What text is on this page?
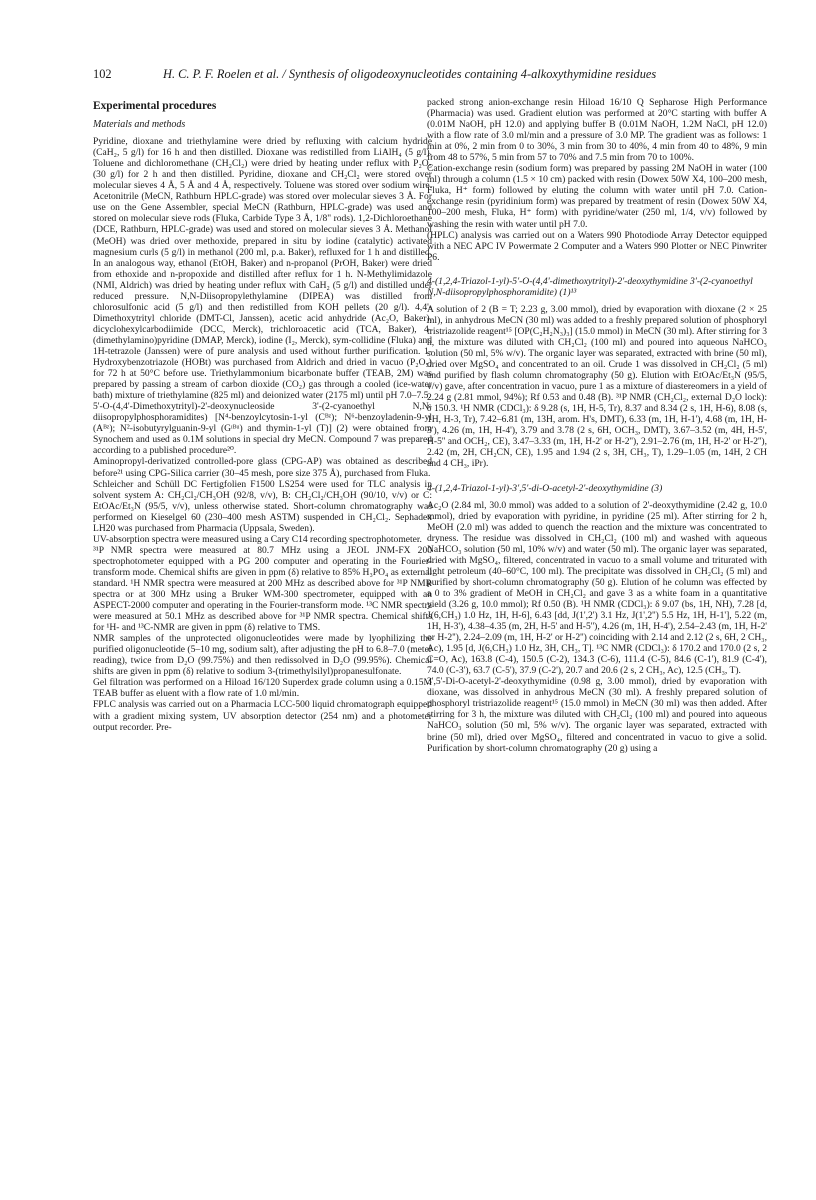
102	H. C. P. F. Roelen et al. / Synthesis of oligodeoxynucleotides containing 4-alkoxythymidine residues

Experimental procedures

Materials and methods

Pyridine, dioxane and triethylamine were dried by refluxing with calcium hydride (CaH₂, 5 g/l) for 16 h and then distilled. Dioxane was redistilled from LiAlH₄ (5 g/l). Toluene and dichloromethane (CH₂Cl₂) were dried by heating under reflux with P₂O₅ (30 g/l) for 2 h and then distilled. Pyridine, dioxane and CH₂Cl₂ were stored over molecular sieves 4 Å, 5 Å and 4 Å, respectively. Toluene was stored over sodium wire. Acetonitrile (MeCN, Rathburn HPLC-grade) was stored over molecular sieves 3 Å. For use on the Gene Assembler, special MeCN (Rathburn, HPLC-grade) was used and stored on molecular sieve rods (Fluka, Carbide Type 3 Å, 1/8" rods). 1,2-Dichloroethane (DCE, Rathburn, HPLC-grade) was used and stored on molecular sieves 3 Å. Methanol (MeOH) was dried over methoxide, prepared in situ by iodine (catalytic) activated magnesium curls (5 g/l) in methanol (200 ml, p.a. Baker), refluxed for 1 h and distilled. In an analogous way, ethanol (EtOH, Baker) and n-propanol (PrOH, Baker) were dried from ethoxide and n-propoxide and distilled after reflux for 1 h. N-Methylimidazole (NMI, Aldrich) was dried by heating under reflux with CaH₂ (5 g/l) and distilled under reduced pressure. N,N-Diisopropylethylamine (DIPEA) was distilled from chlorosulfonic acid (5 g/l) and then redistilled from KOH pellets (20 g/l). 4,4'-Dimethoxytrityl chloride (DMT-Cl, Janssen), acetic acid anhydride (Ac₂O, Baker), dicyclohexylcarbodiimide (DCC, Merck), trichloroacetic acid (TCA, Baker), 4-(dimethylamino)pyridine (DMAP, Merck), iodine (I₂, Merck), sym-collidine (Fluka) and 1H-tetrazole (Janssen) were of pure analysis and used without further purification. 1-Hydroxybenzotriazole (HOBt) was purchased from Aldrich and dried in vacuo (P₂O₅) for 72 h at 50°C before use. Triethylammonium bicarbonate buffer (TEAB, 2M) was prepared by passing a stream of carbon dioxide (CO₂) gas through a cooled (ice-water bath) mixture of triethylamine (825 ml) and deionized water (2175 ml) until pH 7.0–7.5.

5'-O-(4,4'-Dimethoxytrityl)-2'-deoxynucleoside 3'-(2-cyanoethyl N,N-diisopropylphosphoramidites) [N⁴-benzoylcytosin-1-yl (Cᴮᶻ); N⁶-benzoyladenin-9-yl (Aᴮᶻ); N²-isobutyrylguanin-9-yl (Gᶦᴮᵘ) and thymin-1-yl (T)] (2) were obtained from Synochem and used as 0.1M solutions in special dry MeCN. Compound 7 was prepared according to a published procedure²⁰.

Aminopropyl-derivatized controlled-pore glass (CPG-AP) was obtained as described before²¹ using CPG-Silica carrier (30–45 mesh, pore size 375 Å), purchased from Fluka.

Schleicher and Schüll DC Fertigfolien F1500 LS254 were used for TLC analysis in solvent system A: CH₂Cl₂/CH₃OH (92/8, v/v), B: CH₂Cl₂/CH₃OH (90/10, v/v) or C: EtOAc/Et₃N (95/5, v/v), unless otherwise stated. Short-column chromatography was performed on Kieselgel 60 (230–400 mesh ASTM) suspended in CH₂Cl₂. Sephadex LH20 was purchased from Pharmacia (Uppsala, Sweden).

UV-absorption spectra were measured using a Cary C14 recording spectrophotometer.

³¹P NMR spectra were measured at 80.7 MHz using a JEOL JNM-FX 200 spectrophotometer equipped with a PG 200 computer and operating in the Fourier-transform mode. Chemical shifts are given in ppm (δ) relative to 85% H₃PO₄ as external standard. ¹H NMR spectra were measured at 200 MHz as described above for ³¹P NMR spectra or at 300 MHz using a Bruker WM-300 spectrometer, equipped with an ASPECT-2000 computer and operating in the Fourier-transform mode. ¹³C NMR spectra were measured at 50.1 MHz as described above for ³¹P NMR spectra. Chemical shifts for ¹H- and ¹³C-NMR are given in ppm (δ) relative to TMS.

NMR samples of the unprotected oligonucleotides were made by lyophilizing the purified oligonucleotide (5–10 mg, sodium salt), after adjusting the pH to 6.8–7.0 (meter reading), twice from D₂O (99.75%) and then redissolved in D₂O (99.95%). Chemical shifts are given in ppm (δ) relative to sodium 3-(trimethylsilyl)propanesulfonate.

Gel filtration was performed on a Hiload 16/120 Superdex grade column using a 0.15M TEAB buffer as eluent with a flow rate of 1.0 ml/min.

FPLC analysis was carried out on a Pharmacia LCC-500 liquid chromatograph equipped with a gradient mixing system, UV absorption detector (254 nm) and a photometer output recorder. Pre-

packed strong anion-exchange resin Hiload 16/10 Q Sepharose High Performance (Pharmacia) was used. Gradient elution was performed at 20°C starting with buffer A (0.01M NaOH, pH 12.0) and applying buffer B (0.01M NaOH, 1.2M NaCl, pH 12.0) with a flow rate of 3.0 ml/min and a pressure of 3.0 MP. The gradient was as follows: 1 min at 0%, 2 min from 0 to 30%, 3 min from 30 to 40%, 4 min from 40 to 48%, 9 min from 48 to 57%, 5 min from 57 to 70% and 7.5 min from 70 to 100%.

Cation-exchange resin (sodium form) was prepared by passing 2M NaOH in water (100 ml) through a column (1.5 × 10 cm) packed with resin (Dowex 50W X4, 100–200 mesh, Fluka, H⁺ form) followed by eluting the column with water until pH 7.0. Cation-exchange resin (pyridinium form) was prepared by treatment of resin (Dowex 50W X4, 100–200 mesh, Fluka, H⁺ form) with pyridine/water (250 ml, 1/4, v/v) followed by washing the resin with water until pH 7.0.

(HPLC) analysis was carried out on a Waters 990 Photodiode Array Detector equipped with a NEC APC IV Powermate 2 Computer and a Waters 990 Plotter or NEC Pinwriter P6.

4-(1,2,4-Triazol-1-yl)-5'-O-(4,4'-dimethoxytrityl)-2'-deoxythymidine 3'-(2-cyanoethyl N,N-diisopropylphosphoramidite) (1)¹³

A solution of 2 (B = T; 2.23 g, 3.00 mmol), dried by evaporation with dioxane (2 × 25 ml), in anhydrous MeCN (30 ml) was added to a freshly prepared solution of phosphoryl tristriazolide reagent¹⁵ [OP(C₂H₂N₃)₃] (15.0 mmol) in MeCN (30 ml). After stirring for 3 h, the mixture was diluted with CH₂Cl₂ (100 ml) and poured into aqueous NaHCO₃ solution (50 ml, 5% w/v). The organic layer was separated, extracted with brine (50 ml), dried over MgSO₄ and concentrated to an oil. Crude 1 was dissolved in CH₂Cl₂ (5 ml) and purified by flash column chromatography (50 g). Elution with EtOAc/Et₃N (95/5, v/v) gave, after concentration in vacuo, pure 1 as a mixture of diastereomers in a yield of 2.24 g (2.81 mmol, 94%); Rf 0.53 and 0.48 (B). ³¹P NMR (CH₂Cl₂, external D₂O lock): δ 150.3. ¹H NMR (CDCl₃): δ 9.28 (s, 1H, H-5, Tr), 8.37 and 8.34 (2 s, 1H, H-6), 8.08 (s, 1H, H-3, Tr), 7.42–6.81 (m, 13H, arom. H's, DMT), 6.33 (m, 1H, H-1'), 4.68 (m, 1H, H-3'), 4.26 (m, 1H, H-4'), 3.79 and 3.78 (2 s, 6H, OCH₃, DMT), 3.67–3.52 (m, 4H, H-5', H-5'' and OCH₂, CE), 3.47–3.33 (m, 1H, H-2' or H-2''), 2.91–2.76 (m, 1H, H-2' or H-2''), 2.42 (m, 2H, CH₂CN, CE), 1.95 and 1.94 (2 s, 3H, CH₃, T), 1.29–1.05 (m, 14H, 2 CH and 4 CH₃, iPr).

4-(1,2,4-Triazol-1-yl)-3',5'-di-O-acetyl-2'-deoxythymidine (3)

Ac₂O (2.84 ml, 30.0 mmol) was added to a solution of 2'-deoxythymidine (2.42 g, 10.0 mmol), dried by evaporation with pyridine, in pyridine (25 ml). After stirring for 2 h, MeOH (2.0 ml) was added to quench the reaction and the mixture was concentrated to dryness. The residue was dissolved in CH₂Cl₂ (100 ml) and washed with aqueous NaHCO₃ solution (50 ml, 10% w/v) and water (50 ml). The organic layer was separated, dried with MgSO₄, filtered, concentrated in vacuo to a small volume and triturated with light petroleum (40–60°C, 100 ml). The precipitate was dissolved in CH₂Cl₂ (5 ml) and purified by short-column chromatography (50 g). Elution of he column was effected by a 0 to 3% gradient of MeOH in CH₂Cl₂ and gave 3 as a white foam in a quantitative yield (3.26 g, 10.0 mmol); Rf 0.50 (B). ¹H NMR (CDCl₃): δ 9.07 (bs, 1H, NH), 7.28 [d, J(6,CH₃) 1.0 Hz, 1H, H-6], 6.43 [dd, J(1',2') 3.1 Hz, J(1',2'') 5.5 Hz, 1H, H-1'], 5.22 (m, 1H, H-3'), 4.38–4.35 (m, 2H, H-5' and H-5''), 4.26 (m, 1H, H-4'), 2.54–2.43 (m, 1H, H-2' or H-2''), 2.24–2.09 (m, 1H, H-2' or H-2'') coinciding with 2.14 and 2.12 (2 s, 6H, 2 CH₃, Ac), 1.95 [d, J(6,CH₃) 1.0 Hz, 3H, CH₃, T]. ¹³C NMR (CDCl₃): δ 170.2 and 170.0 (2 s, 2 C=O, Ac), 163.8 (C-4), 150.5 (C-2), 134.3 (C-6), 111.4 (C-5), 84.6 (C-1'), 81.9 (C-4'), 74.0 (C-3'), 63.7 (C-5'), 37.9 (C-2'), 20.7 and 20.6 (2 s, 2 CH₃, Ac), 12.5 (CH₃, T).

3',5'-Di-O-acetyl-2'-deoxythymidine (0.98 g, 3.00 mmol), dried by evaporation with dioxane, was dissolved in anhydrous MeCN (30 ml). A freshly prepared solution of phosphoryl tristriazolide reagent¹⁵ (15.0 mmol) in MeCN (30 ml) was then added. After stirring for 3 h, the mixture was diluted with CH₂Cl₂ (100 ml) and poured into aqueous NaHCO₃ solution (50 ml, 5% w/v). The organic layer was separated, extracted with brine (50 ml), dried over MgSO₄, filtered and concentrated in vacuo to give a solid. Purification by short-column chromatography (20 g) using a
